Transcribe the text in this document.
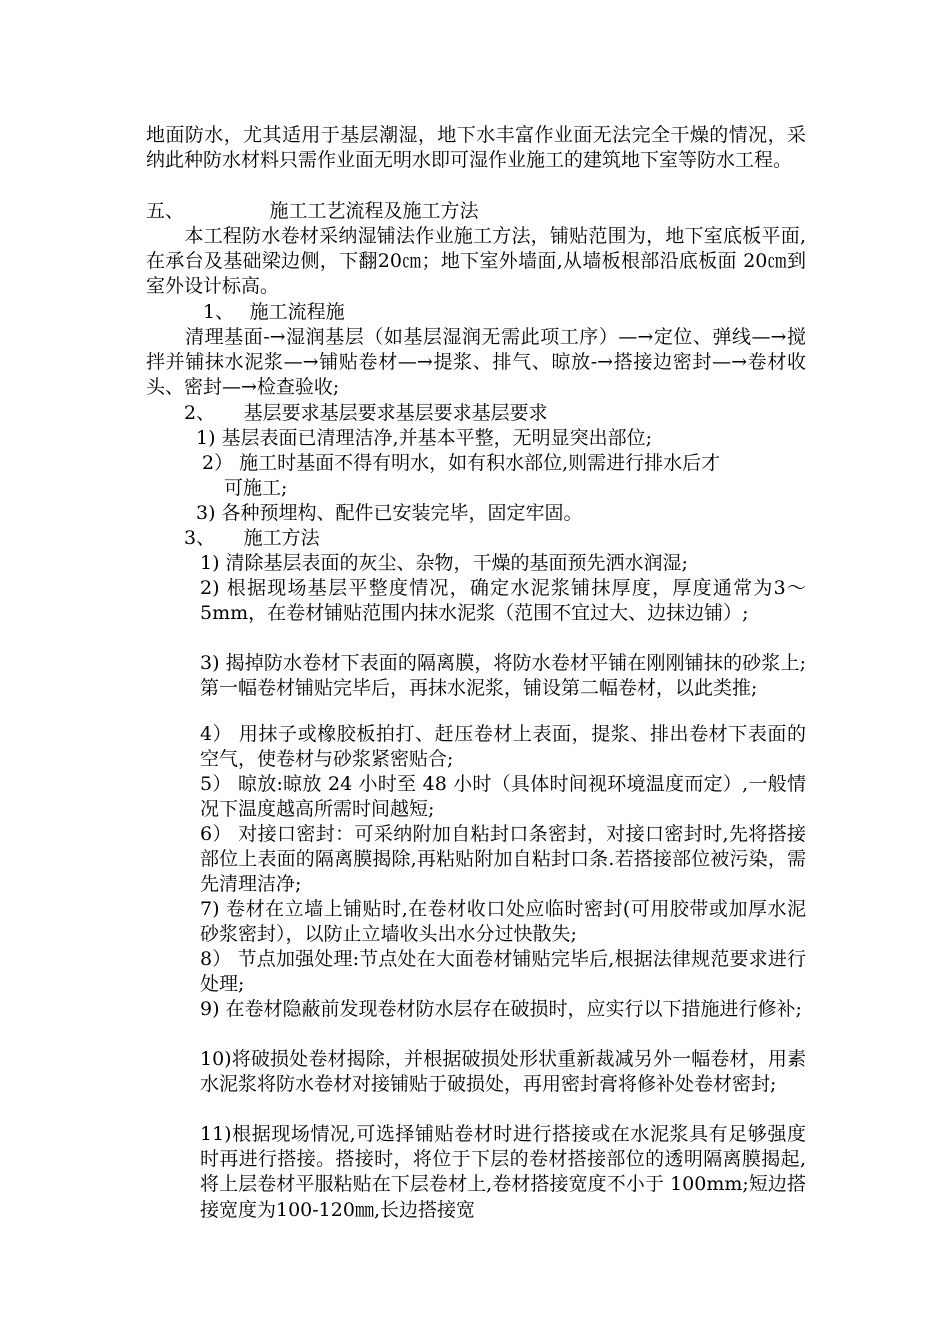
地面防水，尤其适用于基层潮湿，地下水丰富作业面无法完全干燥的情况，采纳此种防水材料只需作业面无明水即可湿作业施工的建筑地下室等防水工程。

五、　　　　　施工工艺流程及施工方法

　　本工程防水卷材采纳湿铺法作业施工方法，铺贴范围为，地下室底板平面,在承台及基础梁边侧，下翻20㎝；地下室外墙面,从墙板根部沿底板面 20㎝到室外设计标高。

　　　1、　 施工流程施

　　清理基面-→湿润基层（如基层湿润无需此项工序）—→定位、弹线—→搅拌并铺抹水泥浆—→铺贴卷材—→提浆、排气、晾放-→搭接边密封—→卷材收头、密封—→检查验收;

　　2、　　基层要求基层要求基层要求基层要求

1) 基层表面已清理洁净,并基本平整，无明显突出部位;

2） 施工时基面不得有明水，如有积水部位,则需进行排水后才

可施工;

3) 各种预埋构、配件已安装完毕，固定牢固。

　　3、　　施工方法

1) 清除基层表面的灰尘、杂物，干燥的基面预先洒水润湿;

2) 根据现场基层平整度情况，确定水泥浆铺抹厚度，厚度通常为3～5mm，在卷材铺贴范围内抹水泥浆（范围不宜过大、边抹边铺）;

3) 揭掉防水卷材下表面的隔离膜，将防水卷材平铺在刚刚铺抹的砂浆上;第一幅卷材铺贴完毕后，再抹水泥浆，铺设第二幅卷材，以此类推;

4） 用抹子或橡胶板拍打、赶压卷材上表面，提浆、排出卷材下表面的空气，使卷材与砂浆紧密贴合;

5） 晾放:晾放 24 小时至 48 小时（具体时间视环境温度而定）,一般情况下温度越高所需时间越短;

6） 对接口密封：可采纳附加自粘封口条密封，对接口密封时,先将搭接部位上表面的隔离膜揭除,再粘贴附加自粘封口条.若搭接部位被污染，需先清理洁净;

7) 卷材在立墙上铺贴时,在卷材收口处应临时密封(可用胶带或加厚水泥砂浆密封），以防止立墙收头出水分过快散失;

8） 节点加强处理:节点处在大面卷材铺贴完毕后,根据法律规范要求进行处理;

9) 在卷材隐蔽前发现卷材防水层存在破损时，应实行以下措施进行修补;

10)将破损处卷材揭除，并根据破损处形状重新裁减另外一幅卷材，用素水泥浆将防水卷材对接铺贴于破损处，再用密封膏将修补处卷材密封;

11)根据现场情况,可选择铺贴卷材时进行搭接或在水泥浆具有足够强度时再进行搭接。搭接时，将位于下层的卷材搭接部位的透明隔离膜揭起,将上层卷材平服粘贴在下层卷材上,卷材搭接宽度不小于 100mm;短边搭接宽度为100-120㎜,长边搭接宽
